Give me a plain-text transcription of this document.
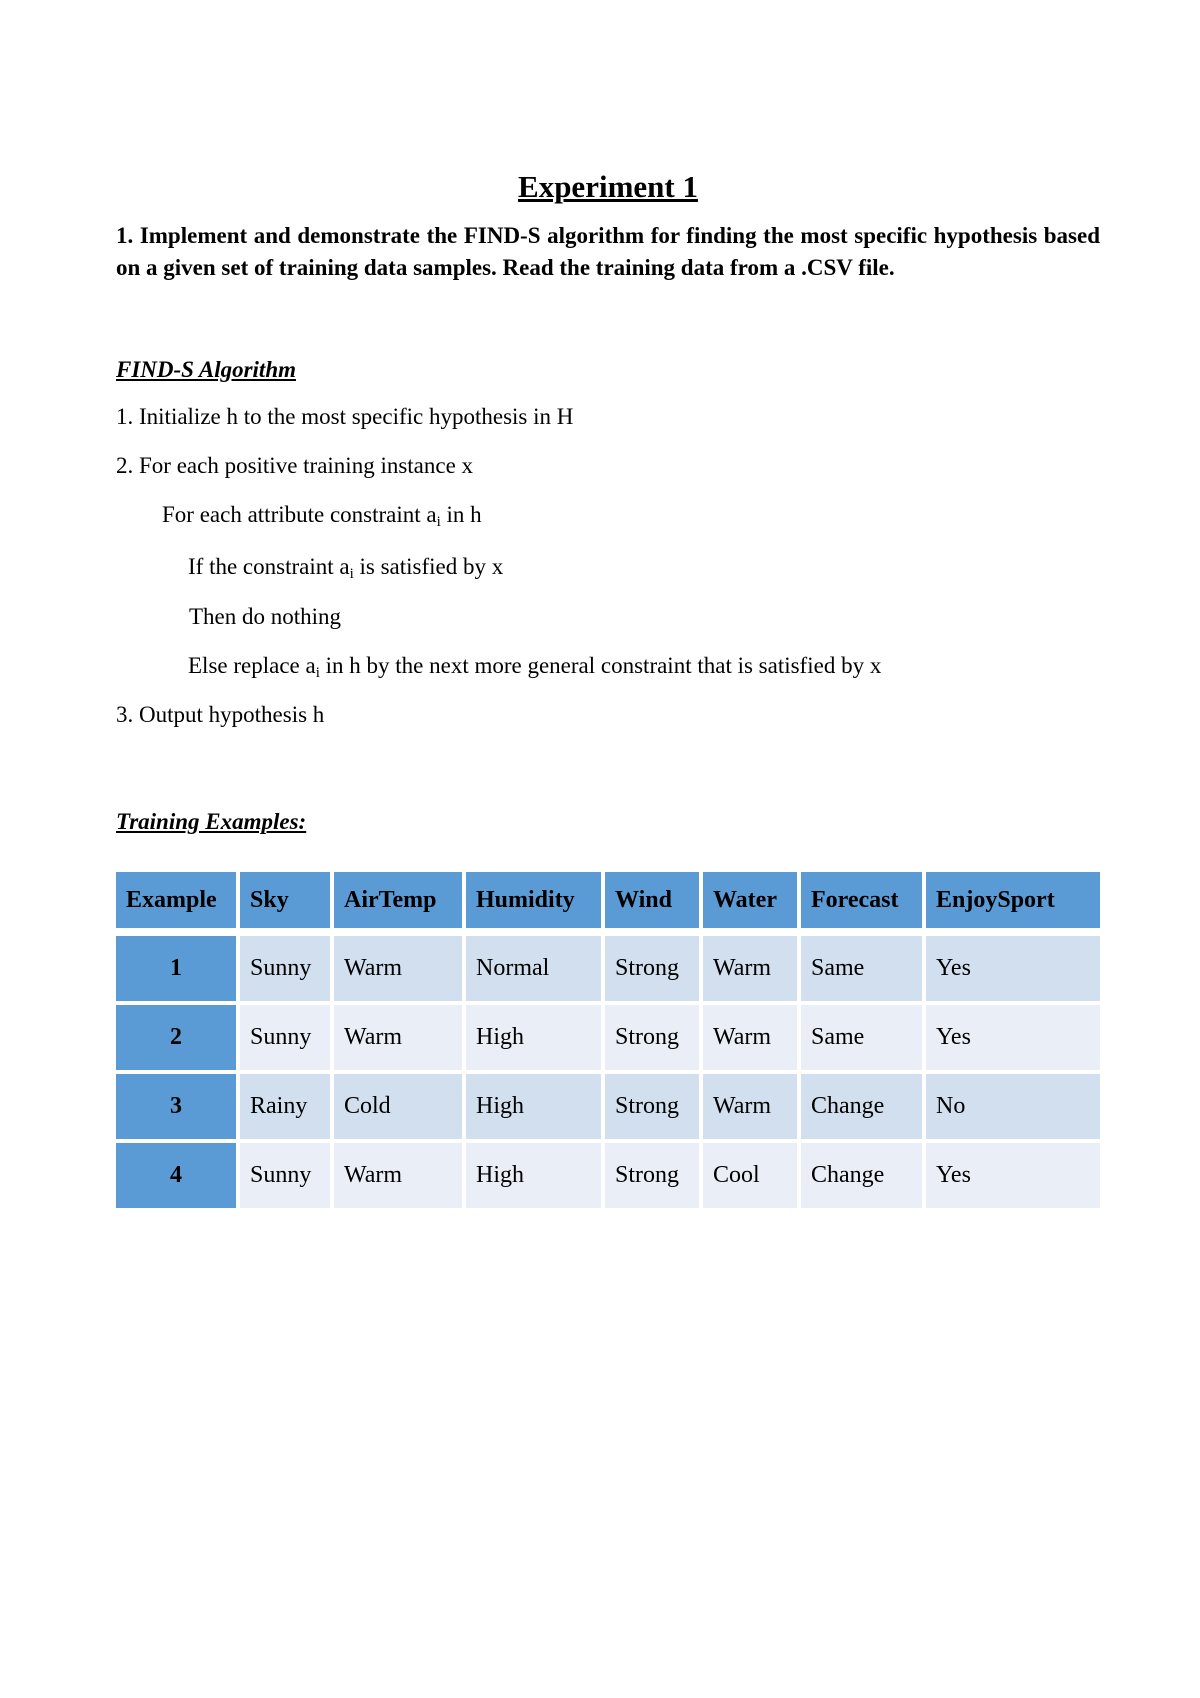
Experiment 1

1. Implement and demonstrate the FIND-S algorithm for finding the most specific hypothesis based on a given set of training data samples. Read the training data from a .CSV file.

FIND-S Algorithm

1. Initialize h to the most specific hypothesis in H

2. For each positive training instance x

For each attribute constraint $a_i$ in h

If the constraint $a_i$ is satisfied by x

Then do nothing

Else replace $a_i$ in h by the next more general constraint that is satisfied by x

3. Output hypothesis h

Training Examples:

Example	Sky	AirTemp	Humidity	Wind	Water	Forecast	EnjoySport
1	Sunny	Warm	Normal	Strong	Warm	Same	Yes
2	Sunny	Warm	High	Strong	Warm	Same	Yes
3	Rainy	Cold	High	Strong	Warm	Change	No
4	Sunny	Warm	High	Strong	Cool	Change	Yes
